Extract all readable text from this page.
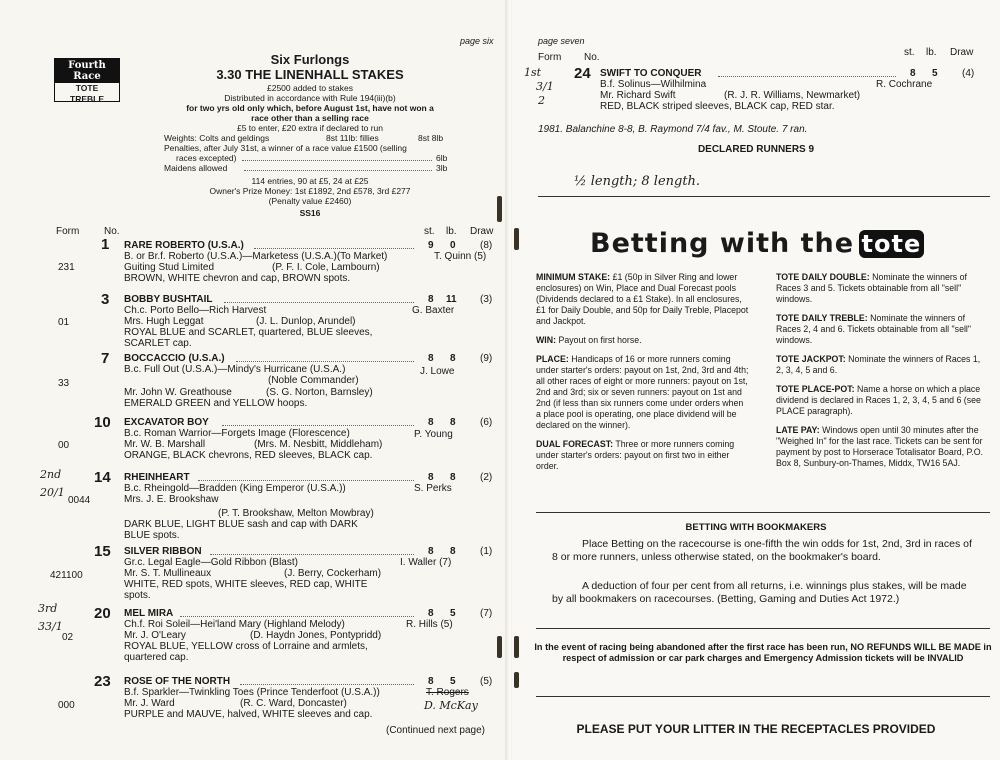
page six
Fourth Race
TOTE
TREBLE
Six Furlongs
3.30 THE LINENHALL STAKES
£2500 added to stakes
Distributed in accordance with Rule 194(iii)(b)
for two yrs old only which, before August 1st, have not won a
race other than a selling race
£5 to enter, £20 extra if declared to run
Weights: Colts and geldings	8st 11lb: fillies	8st 8lb
Penalties, after July 31st, a winner of a race value £1500 (selling
races excepted)	6lb
Maidens allowed	3lb
114 entries, 90 at £5, 24 at £25
Owner's Prize Money: 1st £1892, 2nd £578, 3rd £277
(Penalty value £2460)
SS16
Form No.	st. lb. Draw
1 RARE ROBERTO (U.S.A.)	9 0 (8)
B. or Br.f. Roberto (U.S.A.)—Marketess (U.S.A.)(To Market)	T. Quinn (5)
231	Guiting Stud Limited	(P. F. I. Cole, Lambourn)
BROWN, WHITE chevron and cap, BROWN spots.
3 BOBBY BUSHTAIL	8 11 (3)
Ch.c. Porto Bello—Rich Harvest	G. Baxter
01	Mrs. Hugh Leggat	(J. L. Dunlop, Arundel)
ROYAL BLUE and SCARLET, quartered, BLUE sleeves,
SCARLET cap.
7 BOCCACCIO (U.S.A.)	8 8 (9)
B.c. Full Out (U.S.A.)—Mindy's Hurricane (U.S.A.)	J. Lowe
(Noble Commander)
33
Mr. John W. Greathouse	(S. G. Norton, Barnsley)
EMERALD GREEN and YELLOW hoops.
10 EXCAVATOR BOY	8 8 (6)
B.c. Roman Warrior—Forgets Image (Florescence)	P. Young
00	Mr. W. B. Marshall	(Mrs. M. Nesbitt, Middleham)
ORANGE, BLACK chevrons, RED sleeves, BLACK cap.
2nd
20/1
14 RHEINHEART	8 8 (2)
B.c. Rheingold—Bradden (King Emperor (U.S.A.))	S. Perks
0044	Mrs. J. E. Brookshaw
(P. T. Brookshaw, Melton Mowbray)
DARK BLUE, LIGHT BLUE sash and cap with DARK
BLUE spots.
15 SILVER RIBBON	8 8 (1)
Gr.c. Legal Eagle—Gold Ribbon (Blast)	I. Waller (7)
421100	Mr. S. T. Mullineaux	(J. Berry, Cockerham)
WHITE, RED spots, WHITE sleeves, RED cap, WHITE
spots.
3rd
33/1
20 MEL MIRA	8 5 (7)
Ch.f. Roi Soleil—Hei'land Mary (Highland Melody)	R. Hills (5)
02	Mr. J. O'Leary	(D. Haydn Jones, Pontypridd)
ROYAL BLUE, YELLOW cross of Lorraine and armlets,
quartered cap.
23 ROSE OF THE NORTH	8 5 (5)
B.f. Sparkler—Twinkling Toes (Prince Tenderfoot (U.S.A.))	T. Rogers
000	Mr. J. Ward	(R. C. Ward, Doncaster)	D. McKay
PURPLE and MAUVE, halved, WHITE sleeves and cap.
(Continued next page)
page seven
Form No.	st. lb. Draw
1st
3/1
2
24 SWIFT TO CONQUER	8 5 (4)
B.f. Solinus—Wilhilmina	R. Cochrane
Mr. Richard Swift	(R. J. R. Williams, Newmarket)
RED, BLACK striped sleeves, BLACK cap, RED star.
1981. Balanchine 8-8, B. Raymond 7/4 fav., M. Stoute. 7 ran.
DECLARED RUNNERS 9
½ length; 8 length.
Betting with the tote

MINIMUM STAKE: £1 (50p in Silver Ring and lower enclosures) on Win, Place and Dual Forecast pools (Dividends declared to a £1 Stake). In all enclosures, £1 for Daily Double, and 50p for Daily Treble, Placepot and Jackpot.

WIN: Payout on first horse.

PLACE: Handicaps of 16 or more runners coming under starter's orders: payout on 1st, 2nd, 3rd and 4th; all other races of eight or more runners: payout on 1st, 2nd and 3rd; six or seven runners: payout on 1st and 2nd (if less than six runners come under orders when a place pool is operating, one place dividend will be declared on the winner).

DUAL FORECAST: Three or more runners coming under starter's orders: payout on first two in either order.

TOTE DAILY DOUBLE: Nominate the winners of Races 3 and 5. Tickets obtainable from all "sell" windows.

TOTE DAILY TREBLE: Nominate the winners of Races 2, 4 and 6. Tickets obtainable from all "sell" windows.

TOTE JACKPOT: Nominate the winners of Races 1, 2, 3, 4, 5 and 6.

TOTE PLACE-POT: Name a horse on which a place dividend is declared in Races 1, 2, 3, 4, 5 and 6 (see PLACE paragraph).

LATE PAY: Windows open until 30 minutes after the "Weighed In" for the last race. Tickets can be sent for payment by post to Horserace Totalisator Board, P.O. Box 8, Sunbury-on-Thames, Middx, TW16 5AJ.

BETTING WITH BOOKMAKERS
Place Betting on the racecourse is one-fifth the win odds for 1st, 2nd, 3rd in races of 8 or more runners, unless otherwise stated, on the bookmaker's board.
A deduction of four per cent from all returns, i.e. winnings plus stakes, will be made by all bookmakers on racecourses. (Betting, Gaming and Duties Act 1972.)
In the event of racing being abandoned after the first race has been run, NO REFUNDS WILL BE MADE in respect of admission or car park charges and Emergency Admission tickets will be INVALID
PLEASE PUT YOUR LITTER IN THE RECEPTACLES PROVIDED
